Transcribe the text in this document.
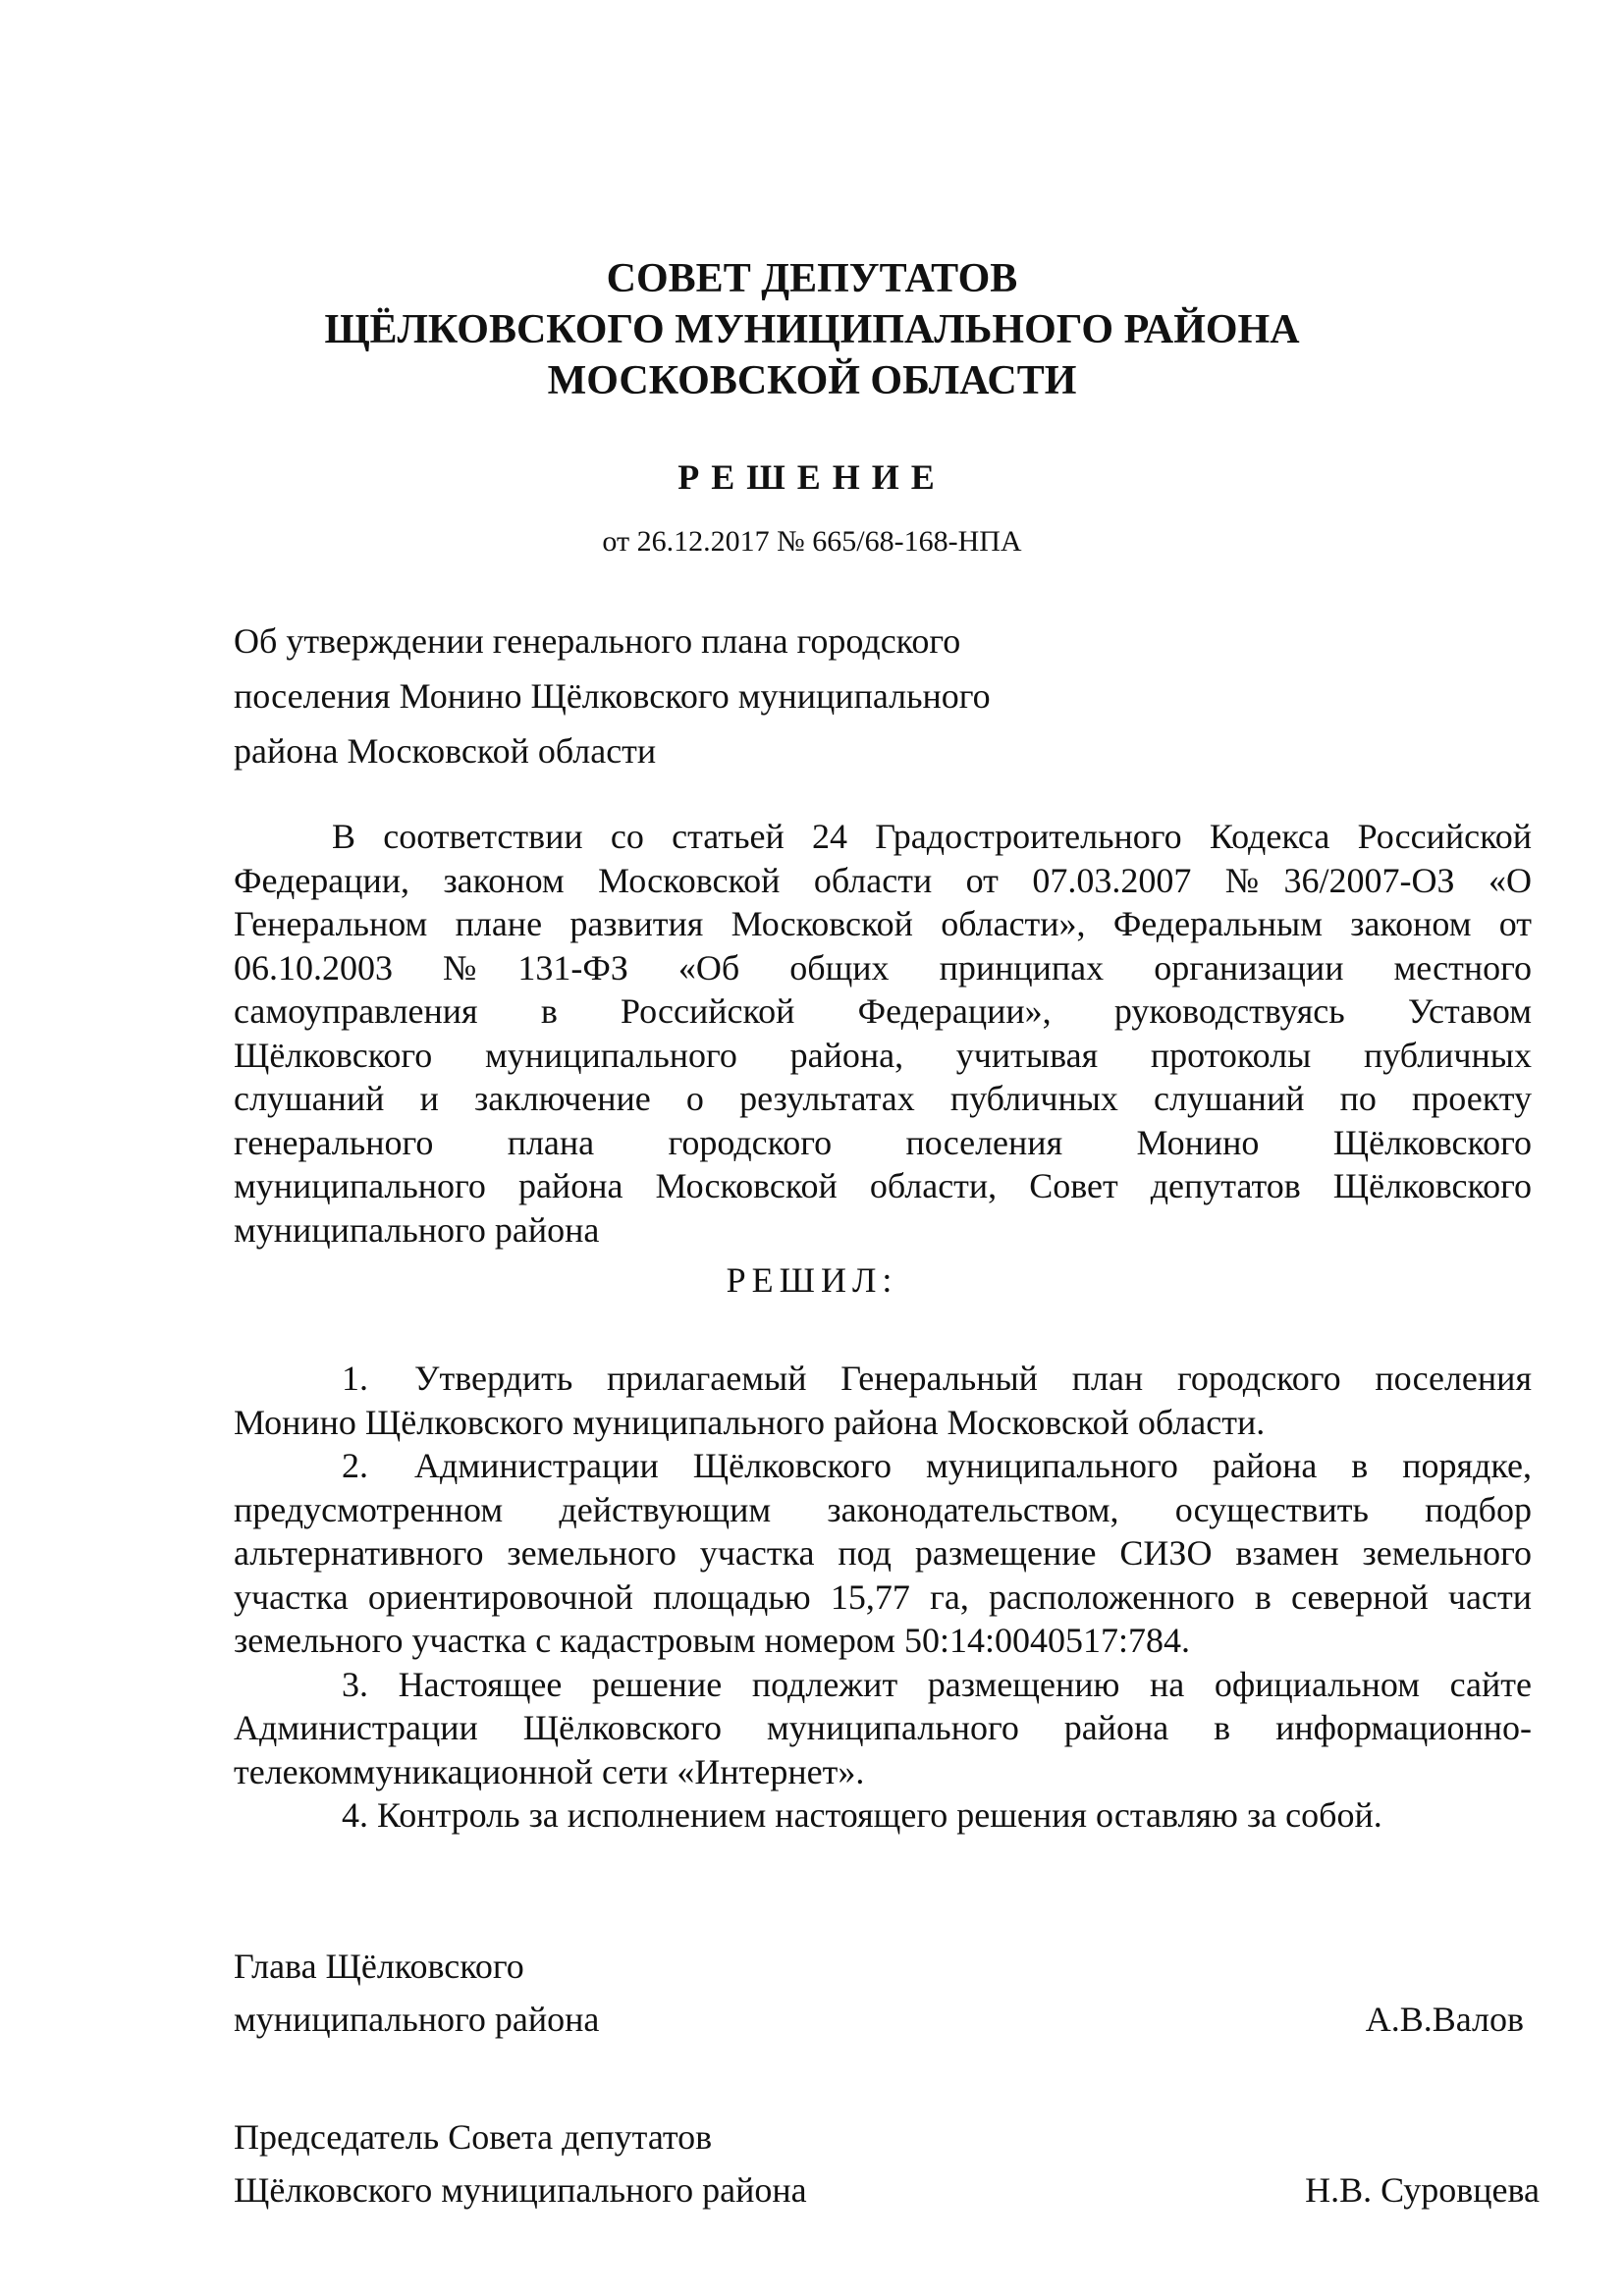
СОВЕТ ДЕПУТАТОВ
ЩЁЛКОВСКОГО МУНИЦИПАЛЬНОГО РАЙОНА
МОСКОВСКОЙ ОБЛАСТИ
РЕШЕНИЕ
от 26.12.2017 № 665/68-168-НПА
Об утверждении генерального плана городского
поселения Монино Щёлковского муниципального
района Московской области
В соответствии со статьей 24 Градостроительного Кодекса Российской
Федерации, законом Московской области от 07.03.2007 №36/2007-ОЗ «О
Генеральном плане развития Московской области», Федеральным законом от
06.10.2003 №131-ФЗ «Об общих принципах организации местного
самоуправления в Российской Федерации», руководствуясь Уставом
Щёлковского муниципального района, учитывая протоколы публичных
слушаний и заключение о результатах публичных слушаний по проекту
генерального плана городского поселения Монино Щёлковского
муниципального района Московской области, Совет депутатов Щёлковского
муниципального района
РЕШИЛ:
1. Утвердить прилагаемый Генеральный план городского поселения
Монино Щёлковского муниципального района Московской области.
2. Администрации Щёлковского муниципального района в порядке,
предусмотренном действующим законодательством, осуществить подбор
альтернативного земельного участка под размещение СИЗО взамен земельного
участка ориентировочной площадью 15,77 га, расположенного в северной части
земельного участка с кадастровым номером 50:14:0040517:784.
3. Настоящее решение подлежит размещению на официальном сайте
Администрации Щёлковского муниципального района в информационно-
телекоммуникационной сети «Интернет».
4. Контроль за исполнением настоящего решения оставляю за собой.
Глава Щёлковского
муниципального района	А.В.Валов
Председатель Совета депутатов
Щёлковского муниципального района	Н.В. Суровцева
